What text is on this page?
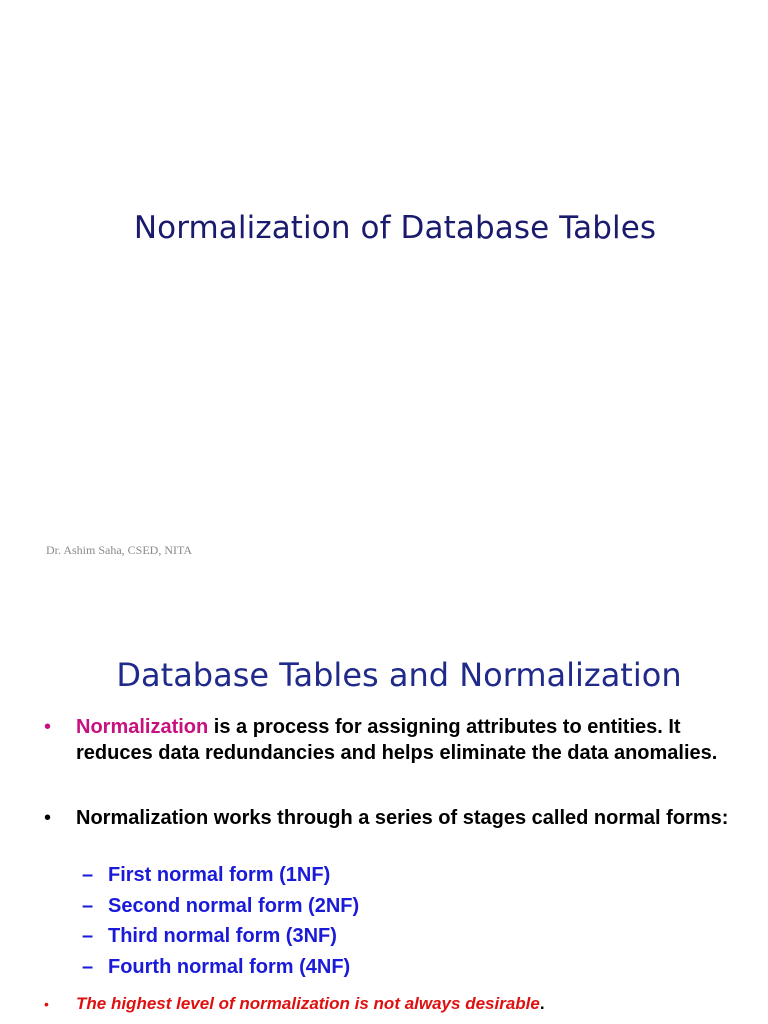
Normalization of Database Tables
Dr. Ashim Saha, CSED, NITA
Database Tables and Normalization
• Normalization is a process for assigning attributes to entities. It reduces data redundancies and helps eliminate the data anomalies.
• Normalization works through a series of stages called normal forms:
– First normal form (1NF)
– Second normal form (2NF)
– Third normal form (3NF)
– Fourth normal form (4NF)
• The highest level of normalization is not always desirable.
